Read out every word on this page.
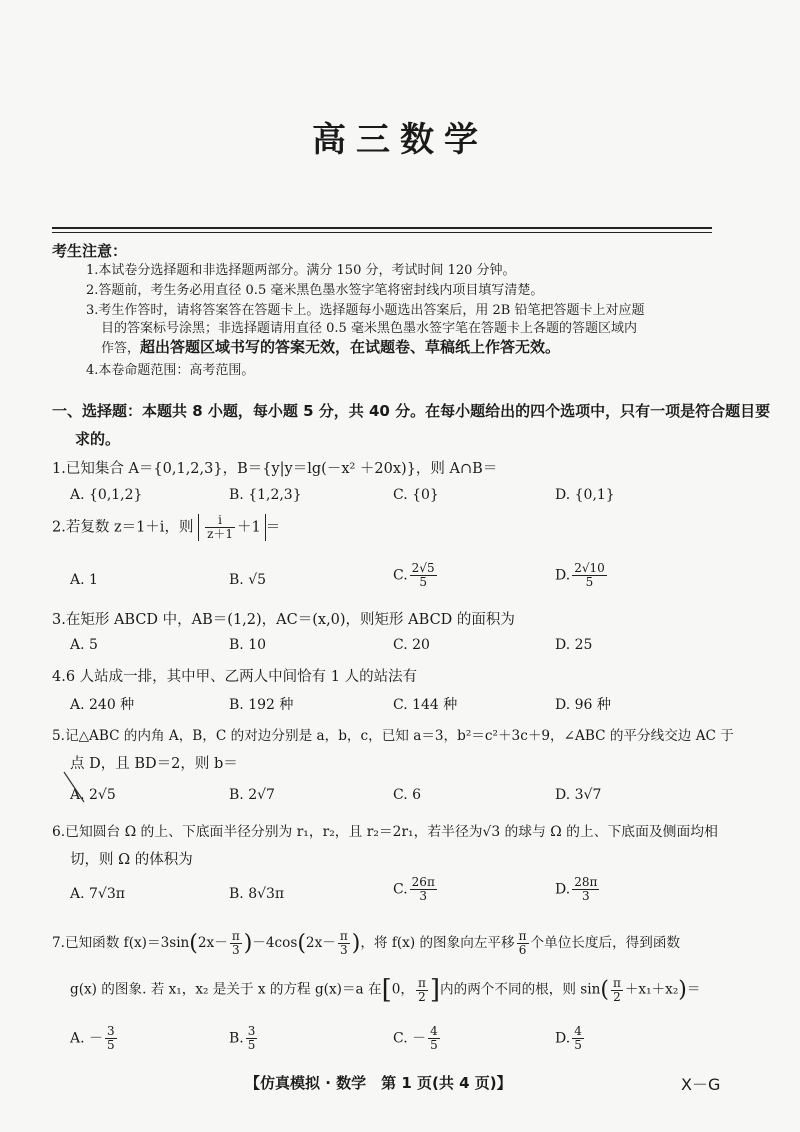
高三数学
考生注意：
1.本试卷分选择题和非选择题两部分。满分 150 分，考试时间 120 分钟。
2.答题前，考生务必用直径 0.5 毫米黑色墨水签字笔将密封线内项目填写清楚。
3.考生作答时，请将答案答在答题卡上。选择题每小题选出答案后，用 2B 铅笔把答题卡上对应题
目的答案标号涂黑；非选择题请用直径 0.5 毫米黑色墨水签字笔在答题卡上各题的答题区域内
作答，超出答题区域书写的答案无效，在试题卷、草稿纸上作答无效。
4.本卷命题范围：高考范围。
一、选择题：本题共 8 小题，每小题 5 分，共 40 分。在每小题给出的四个选项中，只有一项是符合题目要
求的。
1.已知集合 A＝{0,1,2,3}，B＝{y|y＝lg(－x² ＋20x)}，则 A∩B＝
A. {0,1,2}	B. {1,2,3}	C. {0}	D. {0,1}
2.若复数 z＝1＋i，则 $\frac{i}{z+1} +1$ ＝
A. 1	B. √5	C. $\frac{2√5}{5}$	D. $\frac{2√10}{5}$
3.在矩形 ABCD 中，AB＝(1,2)，AC＝(x,0)，则矩形 ABCD 的面积为
A. 5	B. 10	C. 20	D. 25
4.6 人站成一排，其中甲、乙两人中间恰有 1 人的站法有
A. 240 种	B. 192 种	C. 144 种	D. 96 种
5.记△ABC 的内角 A，B，C 的对边分别是 a，b，c，已知 a＝3，b²＝c²＋3c＋9，∠ABC 的平分线交边 AC 于
点 D，且 BD＝2，则 b＝
A. 2√5	B. 2√7	C. 6	D. 3√7
6.已知圆台 Ω 的上、下底面半径分别为 r₁，r₂，且 r₂＝2r₁，若半径为√3 的球与 Ω 的上、下底面及侧面均相
切，则 Ω 的体积为
A. 7√3π	B. 8√3π	C. $\frac{26\pi}{3}$	D. $\frac{28\pi}{3}$
7.已知函数 $f(x)=3\sin(2x- \frac{\pi}{3} )-4\cos(2x- \frac{\pi}{3}$ )，将 f(x) 的图象向左平移 $\frac{\pi}{6}$ 个单位长度后，得到函数
g(x) 的图象. 若 x₁，x₂ 是关于 x 的方程 g(x)＝a 在[0， $\frac{\pi}{2}$ ]内的两个不同的根，则 $\sin( \frac{\pi}{2} +x_1+x_2)=$
A. － $\frac{3}{5}$	B. $\frac{3}{5}$	C. － $\frac{4}{5}$	D. $\frac{4}{5}$
【仿真模拟 · 数学　第 1 页(共 4 页)】	X－G
